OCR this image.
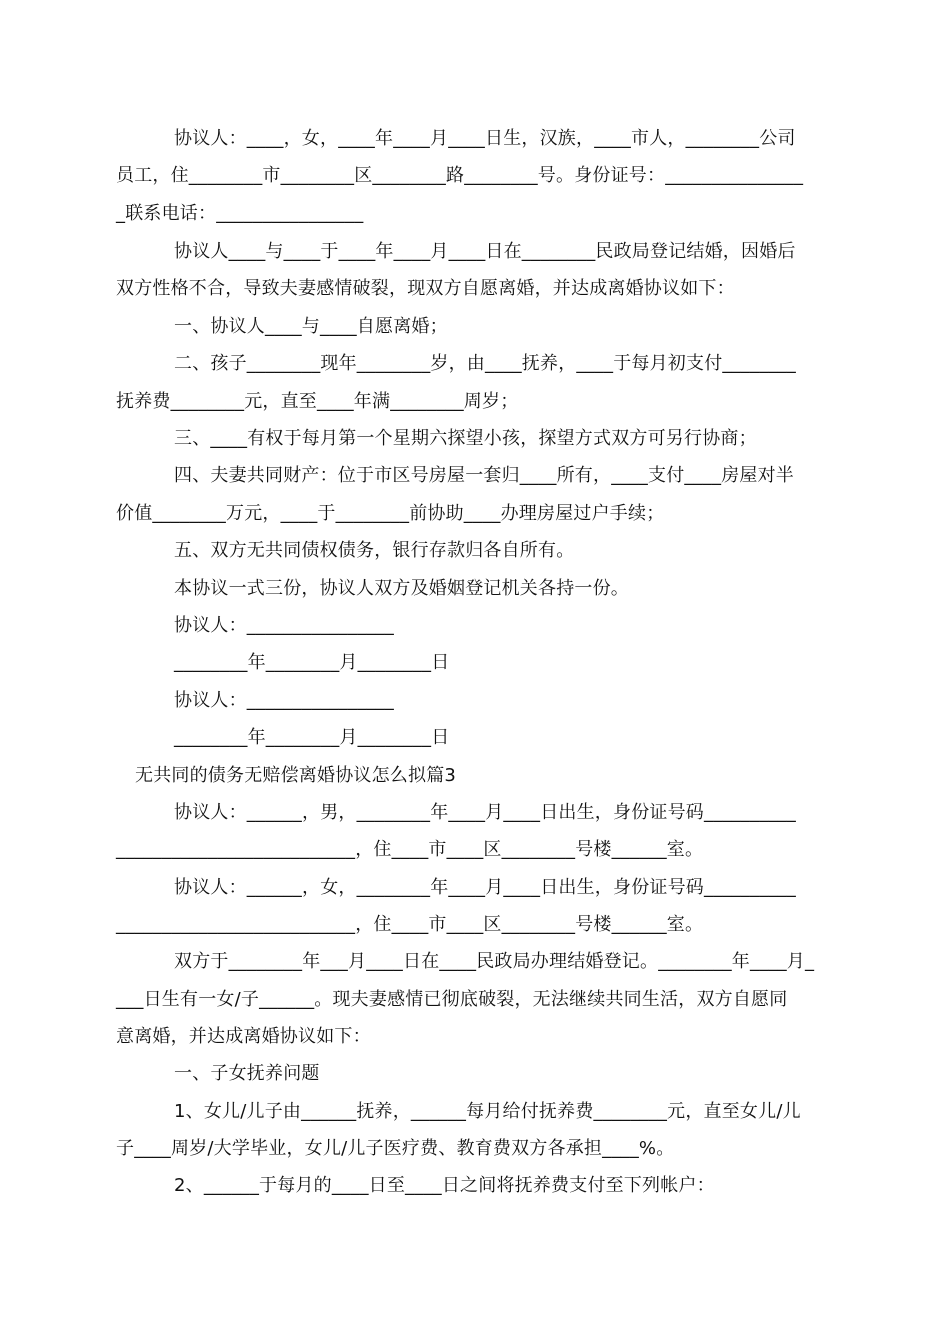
协议人：____，女，____年____月____日生，汉族，____市人，________公司
员工，住________市________区________路________号。身份证号：_______________
_联系电话：________________
协议人____与____于____年____月____日在________民政局登记结婚，因婚后
双方性格不合，导致夫妻感情破裂，现双方自愿离婚，并达成离婚协议如下：
一、协议人____与____自愿离婚；
二、孩子________现年________岁，由____抚养，____于每月初支付________
抚养费________元，直至____年满________周岁；
三、____有权于每月第一个星期六探望小孩，探望方式双方可另行协商；
四、夫妻共同财产：位于市区号房屋一套归____所有，____支付____房屋对半
价值________万元，____于________前协助____办理房屋过户手续；
五、双方无共同债权债务，银行存款归各自所有。
本协议一式三份，协议人双方及婚姻登记机关各持一份。
协议人：________________
________年________月________日
协议人：________________
________年________月________日
无共同的债务无赔偿离婚协议怎么拟篇3
协议人：______，男，________年____月____日出生，身份证号码__________
__________________________，住____市____区________号楼______室。
协议人：______，女，________年____月____日出生，身份证号码__________
__________________________，住____市____区________号楼______室。
双方于________年___月____日在____民政局办理结婚登记。________年____月_
___日生有一女/子______。现夫妻感情已彻底破裂，无法继续共同生活，双方自愿同
意离婚，并达成离婚协议如下：
一、子女抚养问题
1、女儿/儿子由______抚养，______每月给付抚养费________元，直至女儿/儿
子____周岁/大学毕业，女儿/儿子医疗费、教育费双方各承担____%。
2、______于每月的____日至____日之间将抚养费支付至下列帐户：
